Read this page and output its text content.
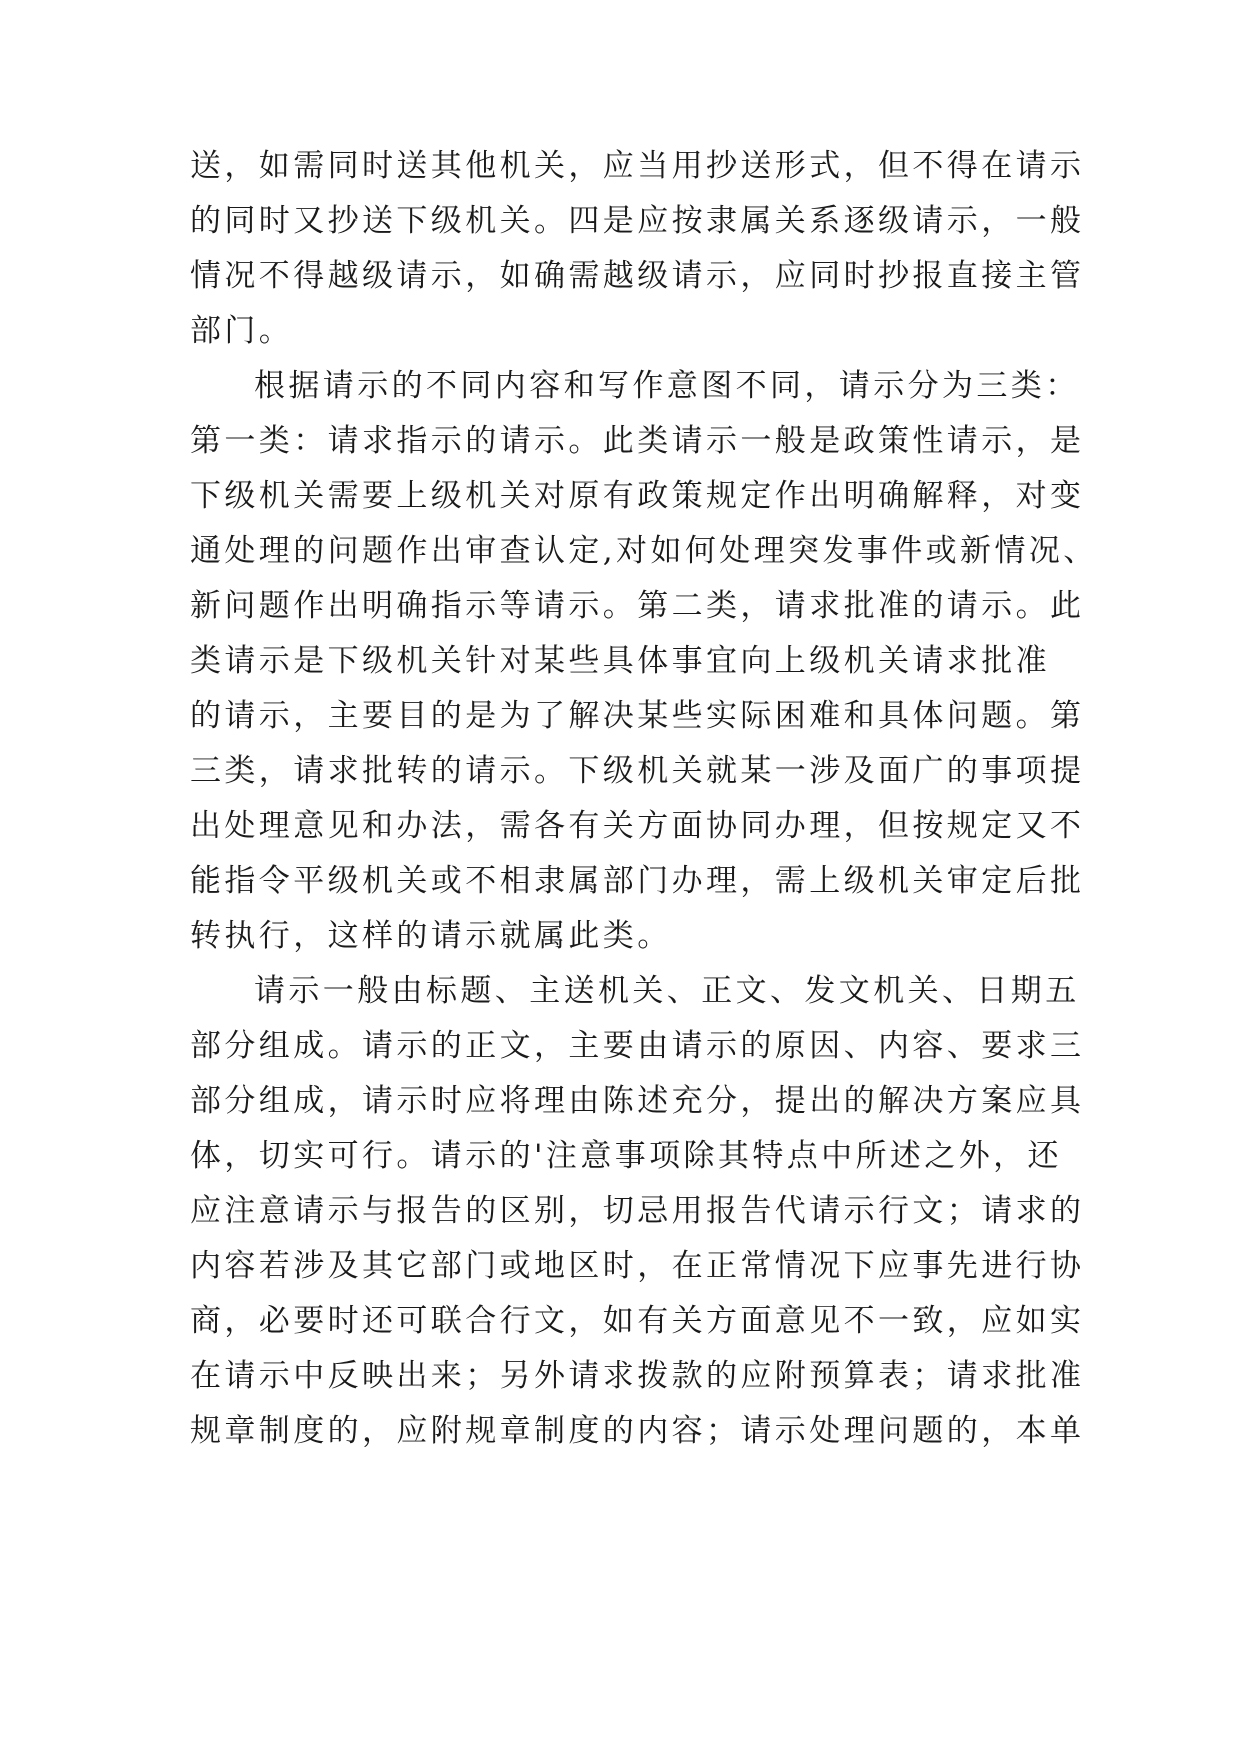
送，如需同时送其他机关，应当用抄送形式，但不得在请示
的同时又抄送下级机关。四是应按隶属关系逐级请示，一般
情况不得越级请示，如确需越级请示，应同时抄报直接主管
部门。
根据请示的不同内容和写作意图不同，请示分为三类：
第一类：请求指示的请示。此类请示一般是政策性请示，是
下级机关需要上级机关对原有政策规定作出明确解释，对变
通处理的问题作出审查认定,对如何处理突发事件或新情况、
新问题作出明确指示等请示。第二类，请求批准的请示。此
类请示是下级机关针对某些具体事宜向上级机关请求批准
的请示，主要目的是为了解决某些实际困难和具体问题。第
三类，请求批转的请示。下级机关就某一涉及面广的事项提
出处理意见和办法，需各有关方面协同办理，但按规定又不
能指令平级机关或不相隶属部门办理，需上级机关审定后批
转执行，这样的请示就属此类。
请示一般由标题、主送机关、正文、发文机关、日期五
部分组成。请示的正文，主要由请示的原因、内容、要求三
部分组成，请示时应将理由陈述充分，提出的解决方案应具
体，切实可行。请示的'注意事项除其特点中所述之外，还
应注意请示与报告的区别，切忌用报告代请示行文；请求的
内容若涉及其它部门或地区时，在正常情况下应事先进行协
商，必要时还可联合行文，如有关方面意见不一致，应如实
在请示中反映出来；另外请求拨款的应附预算表；请求批准
规章制度的，应附规章制度的内容；请示处理问题的，本单
